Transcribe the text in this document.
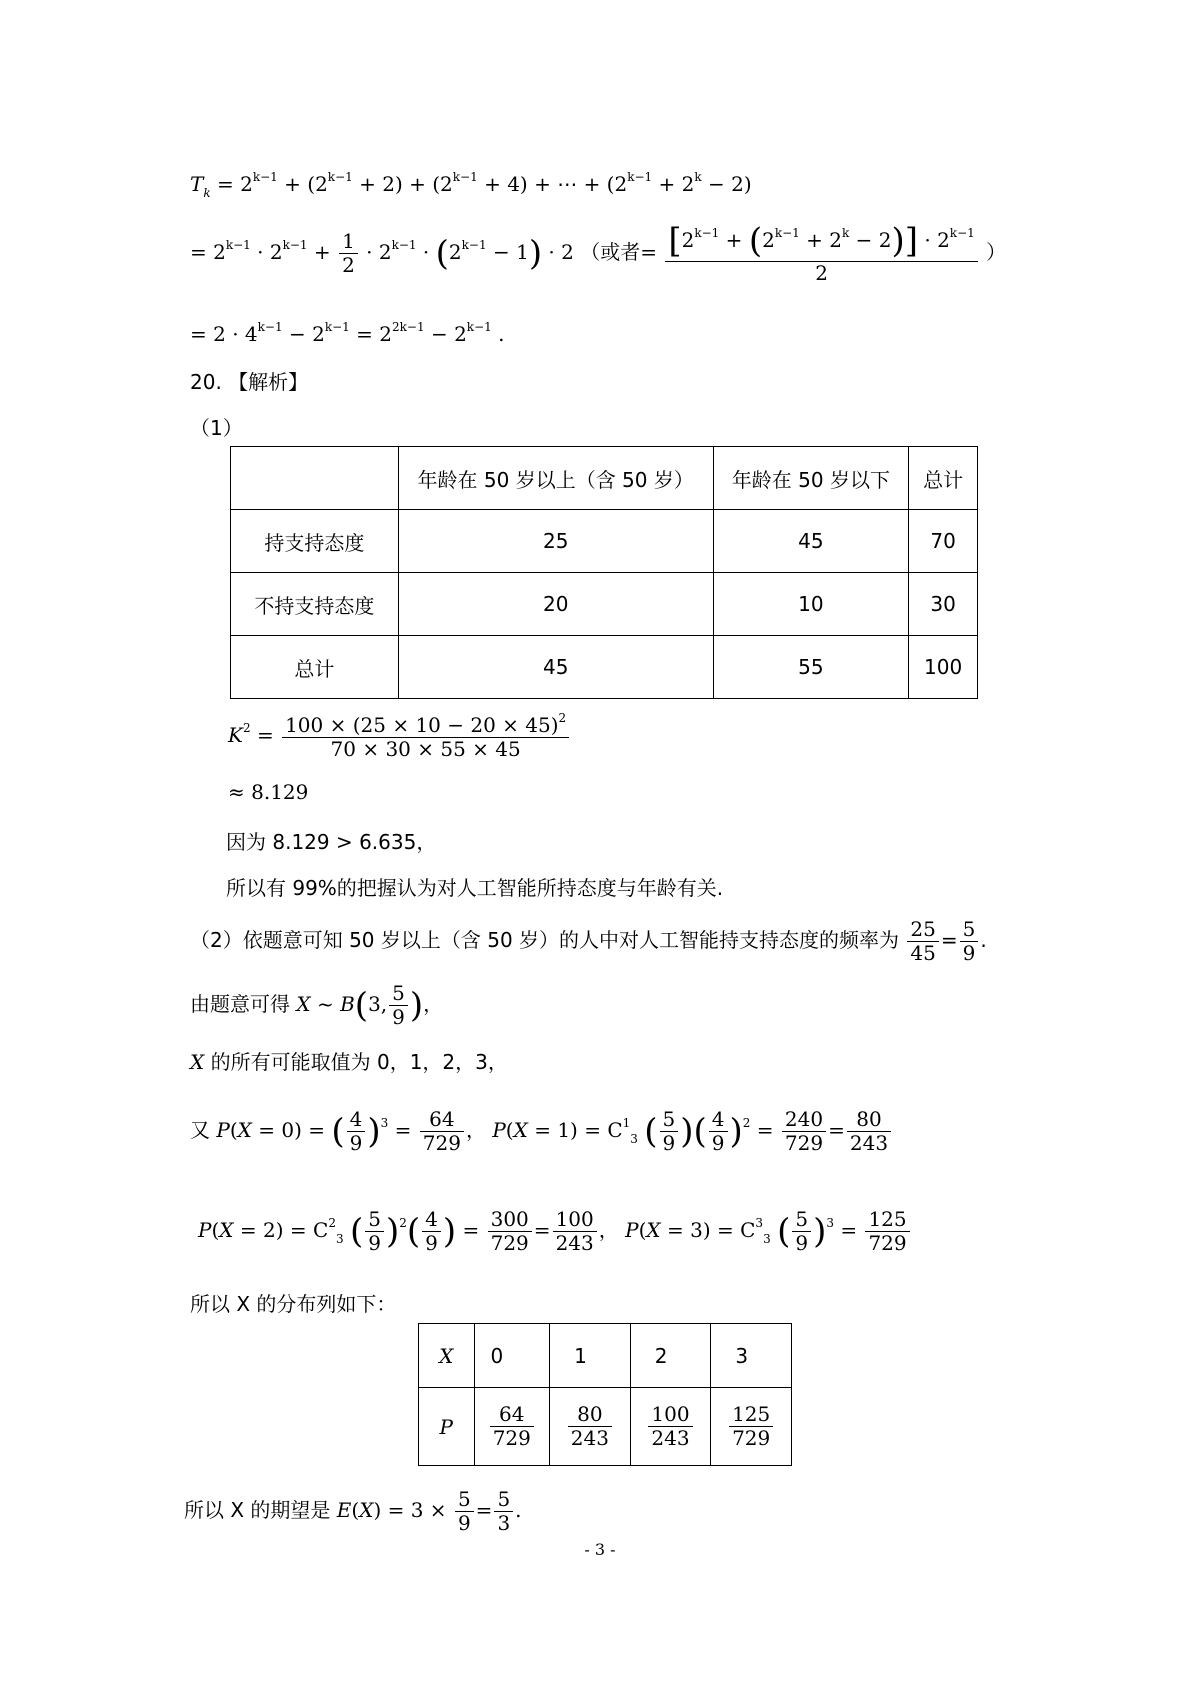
$T_k = 2^{k-1} + (2^{k-1} + 2) + (2^{k-1} + 4)$ + ⋯ + $(2^{k-1} + 2^k - 2)$
= $2^{k-1} \cdot 2^{k-1} + \frac{1}{2} \cdot 2^{k-1} \cdot (2^{k-1} - 1) \cdot 2$ （或者= $\frac{[2^{k-1} + (2^{k-1} + 2^k - 2)] \cdot 2^{k-1}}{2}$ ）
= $2 \cdot 4^{k-1} - 2^{k-1} = 2^{2k-1} - 2^{k-1}$ .
20. 【解析】
（1）
	年龄在 50 岁以上（含 50 岁）	年龄在 50 岁以下	总计
持支持态度	25	45	70
不持支持态度	20	10	30
总计	45	55	100
$K^2 = \frac{100 \times (25 \times 10 - 20 \times 45)^2}{70 \times 30 \times 55 \times 45}$
≈ 8.129
因为 8.129 > 6.635，
所以有 99%的把握认为对人工智能所持态度与年龄有关.
（2）依题意可知 50 岁以上（含 50 岁）的人中对人工智能持支持态度的频率为 $\frac{25}{45} = \frac{5}{9}$ .
由题意可得 X ~ B(3, $\frac{5}{9}$ )，
X 的所有可能取值为 0，1，2，3，
又 P(X = 0) = ( $\frac{4}{9} )^3 = \frac{64}{729}$ ， $P(X = 1) = C^1_3$ ( $\frac{5}{9}$ )( $\frac{4}{9} )^2 = \frac{240}{729} = \frac{80}{243}$
$P(X = 2) = C^2_3$ ( $\frac{5}{9} )^2( \frac{4}{9}$ ) = $\frac{300}{729} = \frac{100}{243}$ ， $P(X = 3) = C^3_3$ ( $\frac{5}{9} )^3 = \frac{125}{729}$
所以 X 的分布列如下：
X	0	1	2	3
P	$\frac{64}{729}$	$\frac{80}{243}$	$\frac{100}{243}$	$\frac{125}{729}$
所以 X 的期望是 $E(X) = 3 \times \frac{5}{9} = \frac{5}{3}$ .
- 3 -
